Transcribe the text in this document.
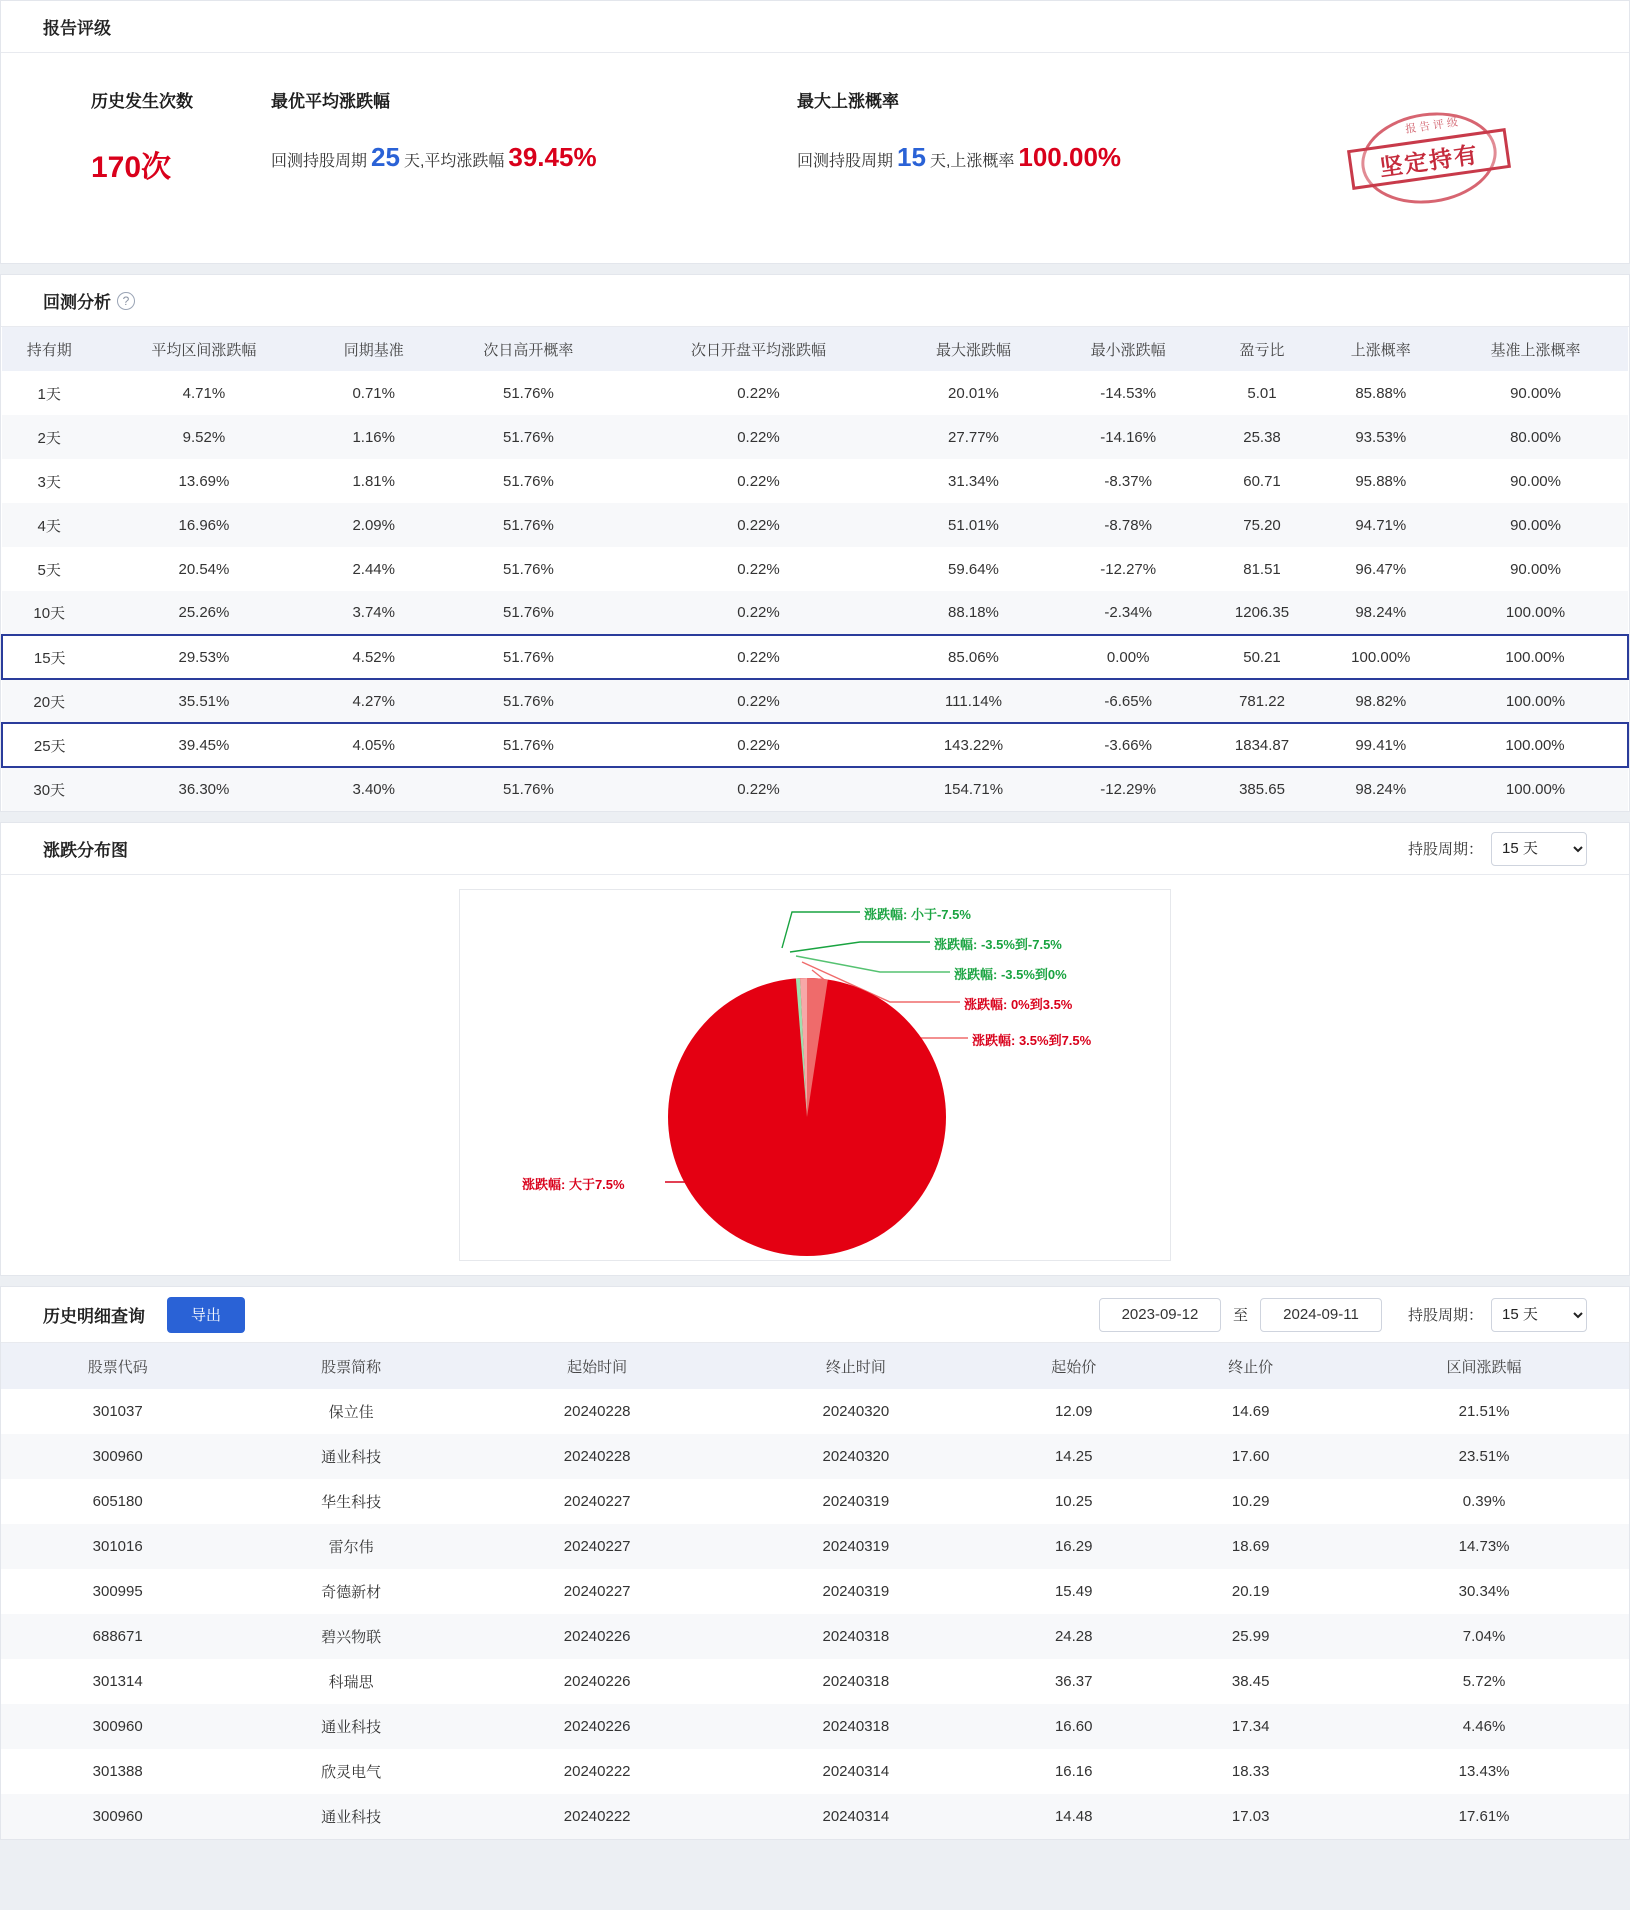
报告评级
历史发生次数
170次
最优平均涨跌幅
回测持股周期 25 天,平均涨跌幅 39.45%
最大上涨概率
回测持股周期 15 天,上涨概率 100.00%
报告评级
坚定持有
回测分析 ?
持有期	平均区间涨跌幅	同期基准	次日高开概率	次日开盘平均涨跌幅	最大涨跌幅	最小涨跌幅	盈亏比	上涨概率	基准上涨概率
1天	4.71%	0.71%	51.76%	0.22%	20.01%	-14.53%	5.01	85.88%	90.00%
2天	9.52%	1.16%	51.76%	0.22%	27.77%	-14.16%	25.38	93.53%	80.00%
3天	13.69%	1.81%	51.76%	0.22%	31.34%	-8.37%	60.71	95.88%	90.00%
4天	16.96%	2.09%	51.76%	0.22%	51.01%	-8.78%	75.20	94.71%	90.00%
5天	20.54%	2.44%	51.76%	0.22%	59.64%	-12.27%	81.51	96.47%	90.00%
10天	25.26%	3.74%	51.76%	0.22%	88.18%	-2.34%	1206.35	98.24%	100.00%

15天	29.53%	4.52%	51.76%	0.22%	85.06%	0.00%	50.21	100.00%	100.00%
20天	35.51%	4.27%	51.76%	0.22%	111.14%	-6.65%	781.22	98.82%	100.00%

25天	39.45%	4.05%	51.76%	0.22%	143.22%	-3.66%	1834.87	99.41%	100.00%
30天	36.30%	3.40%	51.76%	0.22%	154.71%	-12.29%	385.65	98.24%	100.00%
涨跌分布图	持股周期：
15 天
涨跌幅: 小于-7.5%
涨跌幅: -3.5%到-7.5%
涨跌幅: -3.5%到0%
涨跌幅: 0%到3.5%
涨跌幅: 3.5%到7.5%
涨跌幅: 大于7.5%
历史明细查询	导出
2023-09-12	至
2024-09-11	持股周期：
15 天
股票代码	股票简称	起始时间	终止时间	起始价	终止价	区间涨跌幅
301037	保立佳	20240228	20240320	12.09	14.69	21.51%
300960	通业科技	20240228	20240320	14.25	17.60	23.51%
605180	华生科技	20240227	20240319	10.25	10.29	0.39%
301016	雷尔伟	20240227	20240319	16.29	18.69	14.73%
300995	奇德新材	20240227	20240319	15.49	20.19	30.34%
688671	碧兴物联	20240226	20240318	24.28	25.99	7.04%
301314	科瑞思	20240226	20240318	36.37	38.45	5.72%
300960	通业科技	20240226	20240318	16.60	17.34	4.46%
301388	欣灵电气	20240222	20240314	16.16	18.33	13.43%
300960	通业科技	20240222	20240314	14.48	17.03	17.61%
